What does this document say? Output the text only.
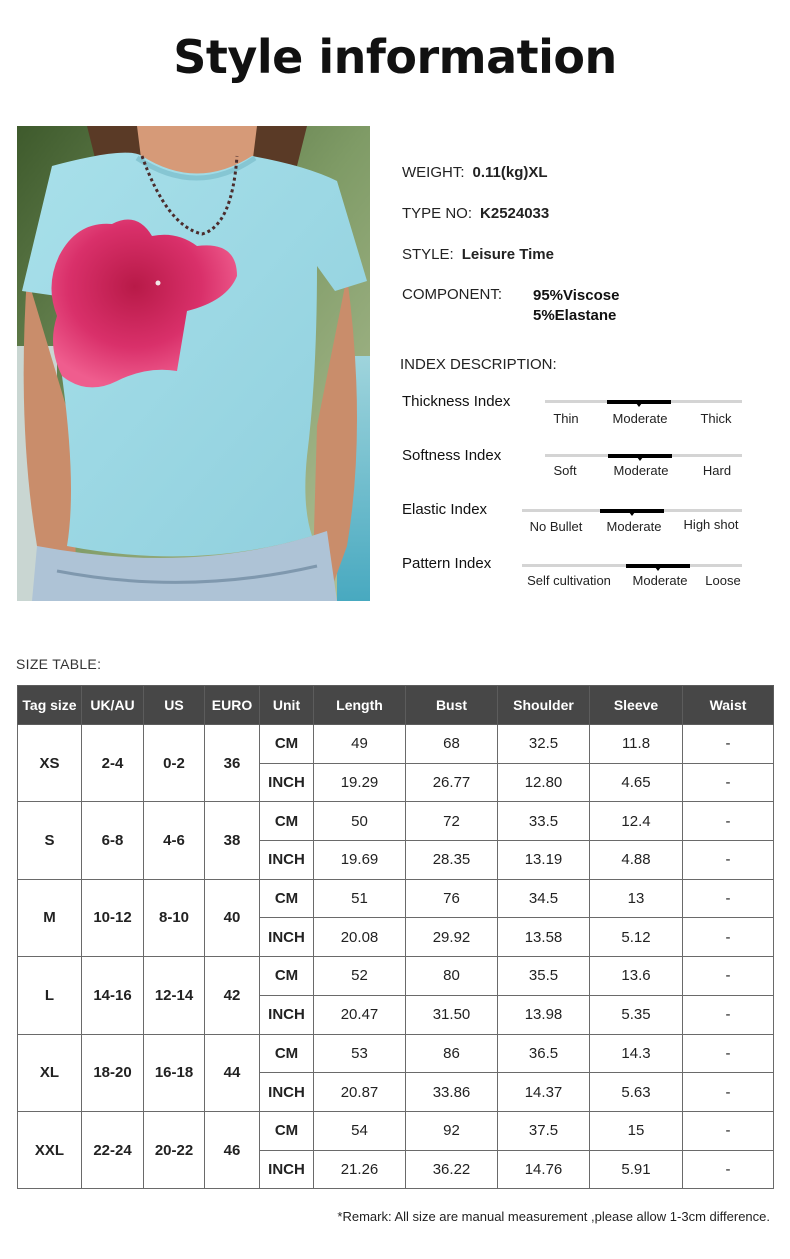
Style information
WEIGHT: 0.11(kg)XL
TYPE NO: K2524033
STYLE: Leisure Time
COMPONENT: 95%Viscose
5%Elastane
INDEX DESCRIPTION:
Thickness Index
Thin	Moderate	Thick
Softness Index
Soft	Moderate	Hard
Elastic Index
No Bullet Moderate High shot
Pattern Index
Self cultivation Moderate Loose
SIZE TABLE:
Tag size	UK/AU	US	EURO	Unit	Length	Bust	Shoulder	Sleeve	Waist
XS	2-4	0-2	36	CM	49	68	32.5	11.8	-
				INCH	19.29	26.77	12.80	4.65	-
S	6-8	4-6	38	CM	50	72	33.5	12.4	-
				INCH	19.69	28.35	13.19	4.88	-
M	10-12	8-10	40	CM	51	76	34.5	13	-
				INCH	20.08	29.92	13.58	5.12	-
L	14-16	12-14	42	CM	52	80	35.5	13.6	-
				INCH	20.47	31.50	13.98	5.35	-
XL	18-20	16-18	44	CM	53	86	36.5	14.3	-
				INCH	20.87	33.86	14.37	5.63	-
XXL	22-24	20-22	46	CM	54	92	37.5	15	-
				INCH	21.26	36.22	14.76	5.91	-
*Remark: All size are manual measurement ,please allow 1-3cm difference.
